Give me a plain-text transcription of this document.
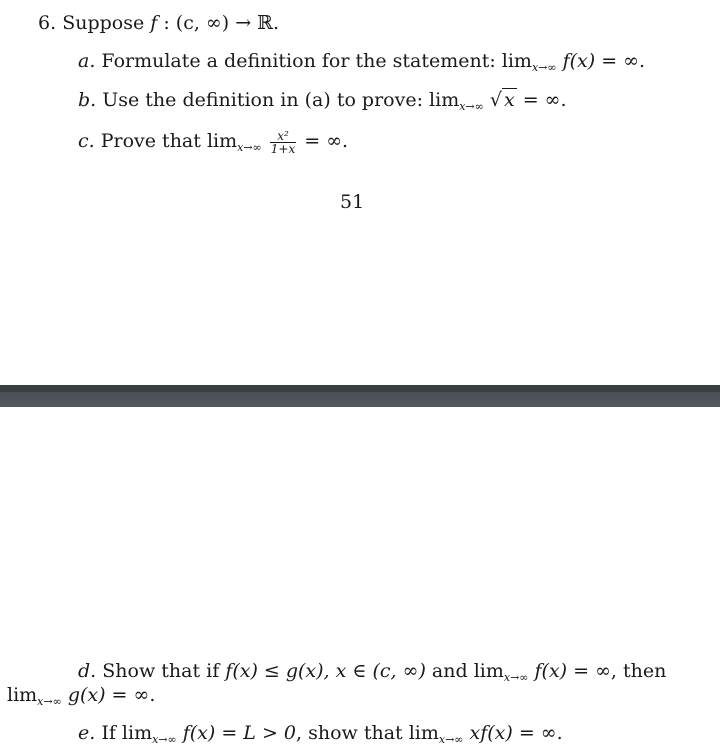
6. Suppose f : (c, ∞) → ℝ.
a. Formulate a definition for the statement: $\lim_{x\to\infty} f(x)$ = ∞.
b. Use the definition in (a) to prove: $\lim_{x\to\infty}$ √ x = ∞.
c. Prove that $\lim_{x\to\infty} \frac{\text{x²}}{1+x}$ = ∞.
51
d. Show that if f(x) ≤ g(x), x ∈ (c, ∞) and $\lim_{x\to\infty} f(x)$ = ∞, then
$\lim_{x\to\infty} g(x)$ = ∞.
e. If $\lim_{x\to\infty} f(x) = L > 0$, show that $\lim_{x\to\infty} xf(x)$ = ∞.
